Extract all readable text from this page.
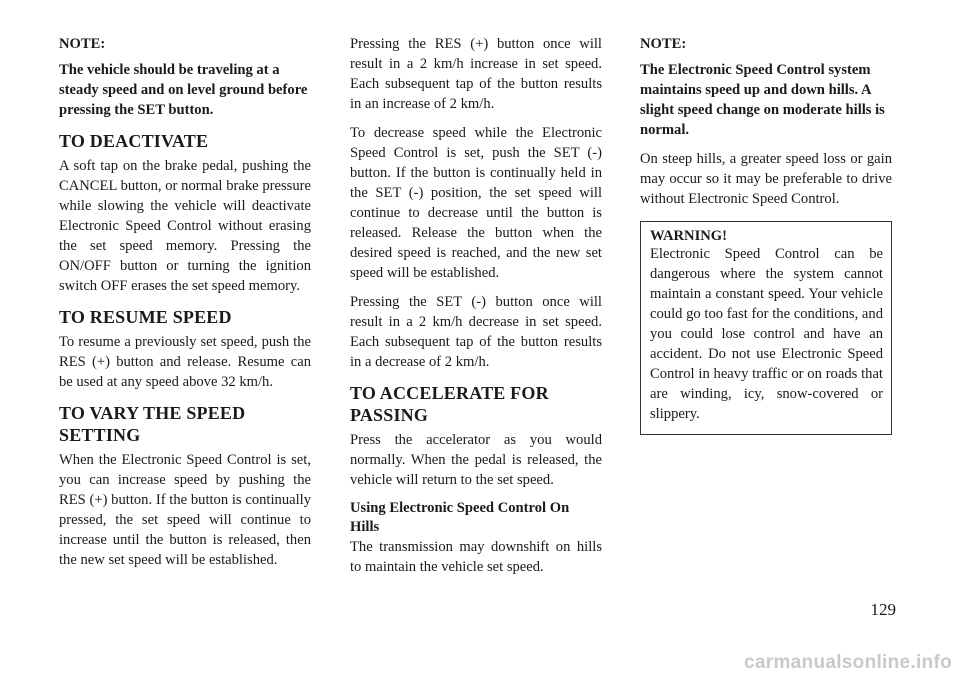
NOTE:

The vehicle should be traveling at a steady speed and on level ground before pressing the SET button.

TO DEACTIVATE

A soft tap on the brake pedal, pushing the CANCEL button, or normal brake pressure while slowing the vehicle will deactivate Electronic Speed Control without erasing the set speed memory. Pressing the ON/OFF button or turning the ignition switch OFF erases the set speed memory.

TO RESUME SPEED

To resume a previously set speed, push the RES (+) button and release. Resume can be used at any speed above 32 km/h.

TO VARY THE SPEED SETTING

When the Electronic Speed Control is set, you can increase speed by pushing the RES (+) button. If the button is continually pressed, the set speed will continue to increase until the button is released, then the new set speed will be established.

Pressing the RES (+) button once will result in a 2 km/h increase in set speed. Each subsequent tap of the button results in an increase of 2 km/h.

To decrease speed while the Electronic Speed Control is set, push the SET (-) button. If the button is continually held in the SET (-) position, the set speed will continue to decrease until the button is released. Release the button when the desired speed is reached, and the new set speed will be established.

Pressing the SET (-) button once will result in a 2 km/h decrease in set speed. Each subsequent tap of the button results in a decrease of 2 km/h.

TO ACCELERATE FOR PASSING

Press the accelerator as you would normally. When the pedal is released, the vehicle will return to the set speed.

Using Electronic Speed Control On Hills

The transmission may downshift on hills to maintain the vehicle set speed.

NOTE:

The Electronic Speed Control system maintains speed up and down hills. A slight speed change on moderate hills is normal.

On steep hills, a greater speed loss or gain may occur so it may be preferable to drive without Electronic Speed Control.

WARNING!

Electronic Speed Control can be dangerous where the system cannot maintain a constant speed. Your vehicle could go too fast for the conditions, and you could lose control and have an accident. Do not use Electronic Speed Control in heavy traffic or on roads that are winding, icy, snow-covered or slippery.

129
carmanualsonline.info
